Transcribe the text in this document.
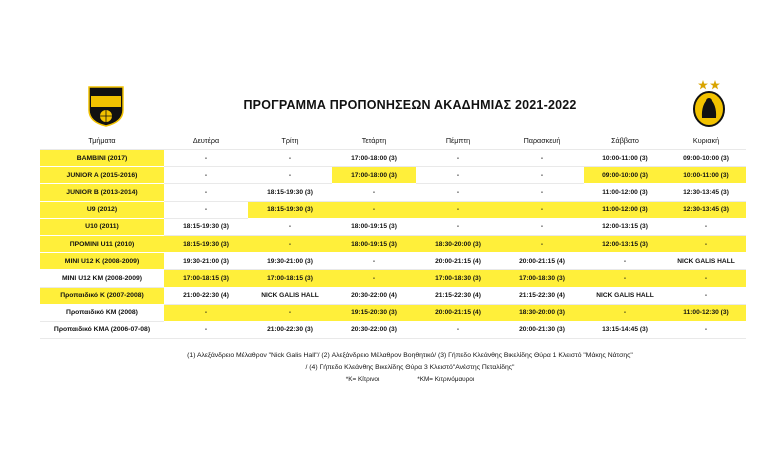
ΠΡΟΓΡΑΜΜΑ ΠΡΟΠΟΝΗΣΕΩΝ ΑΚΑΔΗΜΙΑΣ 2021-2022
Τμήματα	Δευτέρα	Τρίτη	Τετάρτη	Πέμπτη	Παρασκευή	Σάββατο	Κυριακή
BAMBINI (2017)	-	-	17:00-18:00 (3)	-	-	10:00-11:00 (3)	09:00-10:00 (3)
JUNIOR A (2015-2016)	-	-	17:00-18:00 (3)	-	-	09:00-10:00 (3)	10:00-11:00 (3)
JUNIOR B (2013-2014)	-	18:15-19:30 (3)	-	-	-	11:00-12:00 (3)	12:30-13:45 (3)
U9 (2012)	-	18:15-19:30 (3)	-	-	-	11:00-12:00 (3)	12:30-13:45 (3)
U10 (2011)	18:15-19:30 (3)	-	18:00-19:15 (3)	-	-	12:00-13:15 (3)	-
ΠΡΟΜΙΝΙ U11 (2010)	18:15-19:30 (3)	-	18:00-19:15 (3)	18:30-20:00 (3)	-	12:00-13:15 (3)	-
MINI U12 K (2008-2009)	19:30-21:00 (3)	19:30-21:00 (3)	-	20:00-21:15 (4)	20:00-21:15 (4)	-	NICK GALIS HALL
MINI U12 KM (2008-2009)	17:00-18:15 (3)	17:00-18:15 (3)	-	17:00-18:30 (3)	17:00-18:30 (3)	-	-
Προπαιδικό K (2007-2008)	21:00-22:30 (4)	NICK GALIS HALL	20:30-22:00 (4)	21:15-22:30 (4)	21:15-22:30 (4)	NICK GALIS HALL	-
Προπαιδικό KM (2008)	-	-	19:15-20:30 (3)	20:00-21:15 (4)	18:30-20:00 (3)	-	11:00-12:30 (3)
Προπαιδικό KMA (2006-07-08)	-	21:00-22:30 (3)	20:30-22:00 (3)	-	20:00-21:30 (3)	13:15-14:45 (3)	-
(1) Αλεξάνδρειο Μέλαθρον "Nick Galis Hall"/ (2) Αλεξάνδρειο Μέλαθρον Βοηθητικό/ (3) Γήπεδο Κλεάνθης Βικελίδης Θύρα 1 Κλειστό "Μάκης Νάτσης"
/ (4) Γήπεδο Κλεάνθης Βικελίδης Θύρα 3 Κλειστό"Ανέστης Πεταλίδης"
*K= Κίτρινοι	*KM= Κιτρινόμαυροι
